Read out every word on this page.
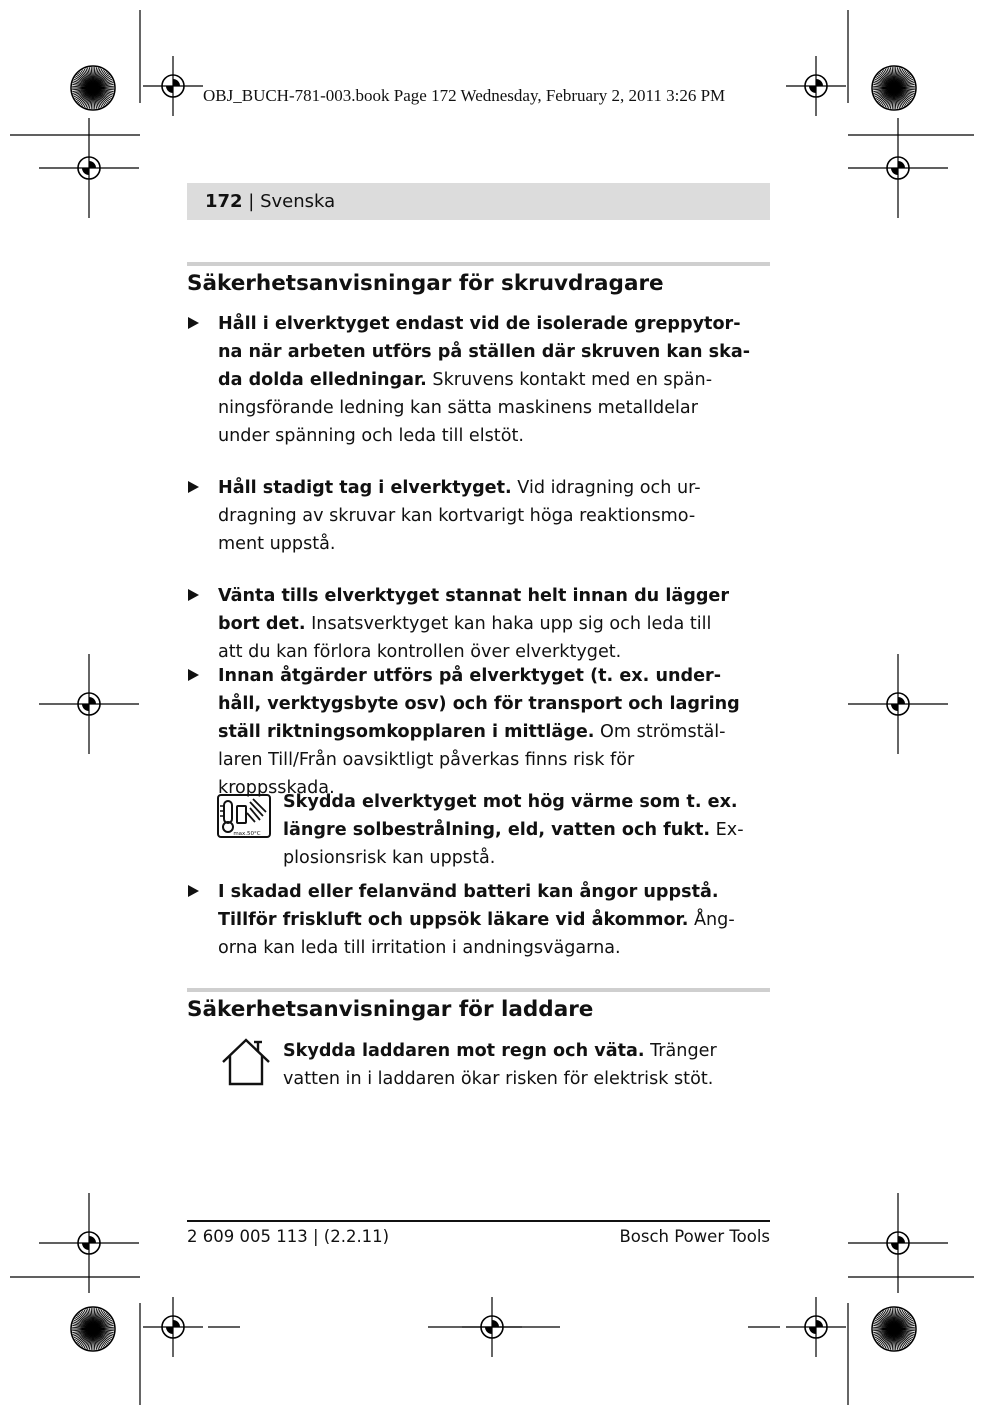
OBJ_BUCH-781-003.book Page 172 Wednesday, February 2, 2011 3:26 PM
172 | Svenska
Säkerhetsanvisningar för skruvdragare
Håll i elverktyget endast vid de isolerade greppytor-
na när arbeten utförs på ställen där skruven kan ska-
da dolda elledningar. Skruvens kontakt med en spän-
ningsförande ledning kan sätta maskinens metalldelar
under spänning och leda till elstöt.
Håll stadigt tag i elverktyget. Vid idragning och ur-
dragning av skruvar kan kortvarigt höga reaktionsmo-
ment uppstå.
Vänta tills elverktyget stannat helt innan du lägger
bort det. Insatsverktyget kan haka upp sig och leda till
att du kan förlora kontrollen över elverktyget.
Innan åtgärder utförs på elverktyget (t. ex. under-
håll, verktygsbyte osv) och för transport och lagring
ställ riktningsomkopplaren i mittläge. Om strömstäl-
laren Till/Från oavsiktligt påverkas finns risk för
kroppsskada.
max.50°C
Skydda elverktyget mot hög värme som t. ex.
längre solbestrålning, eld, vatten och fukt. Ex-
plosionsrisk kan uppstå.
I skadad eller felanvänd batteri kan ångor uppstå.
Tillför friskluft och uppsök läkare vid åkommor. Ång-
orna kan leda till irritation i andningsvägarna.
Säkerhetsanvisningar för laddare
Skydda laddaren mot regn och väta. Tränger
vatten in i laddaren ökar risken för elektrisk stöt.
2 609 005 113 | (2.2.11)	Bosch Power Tools
